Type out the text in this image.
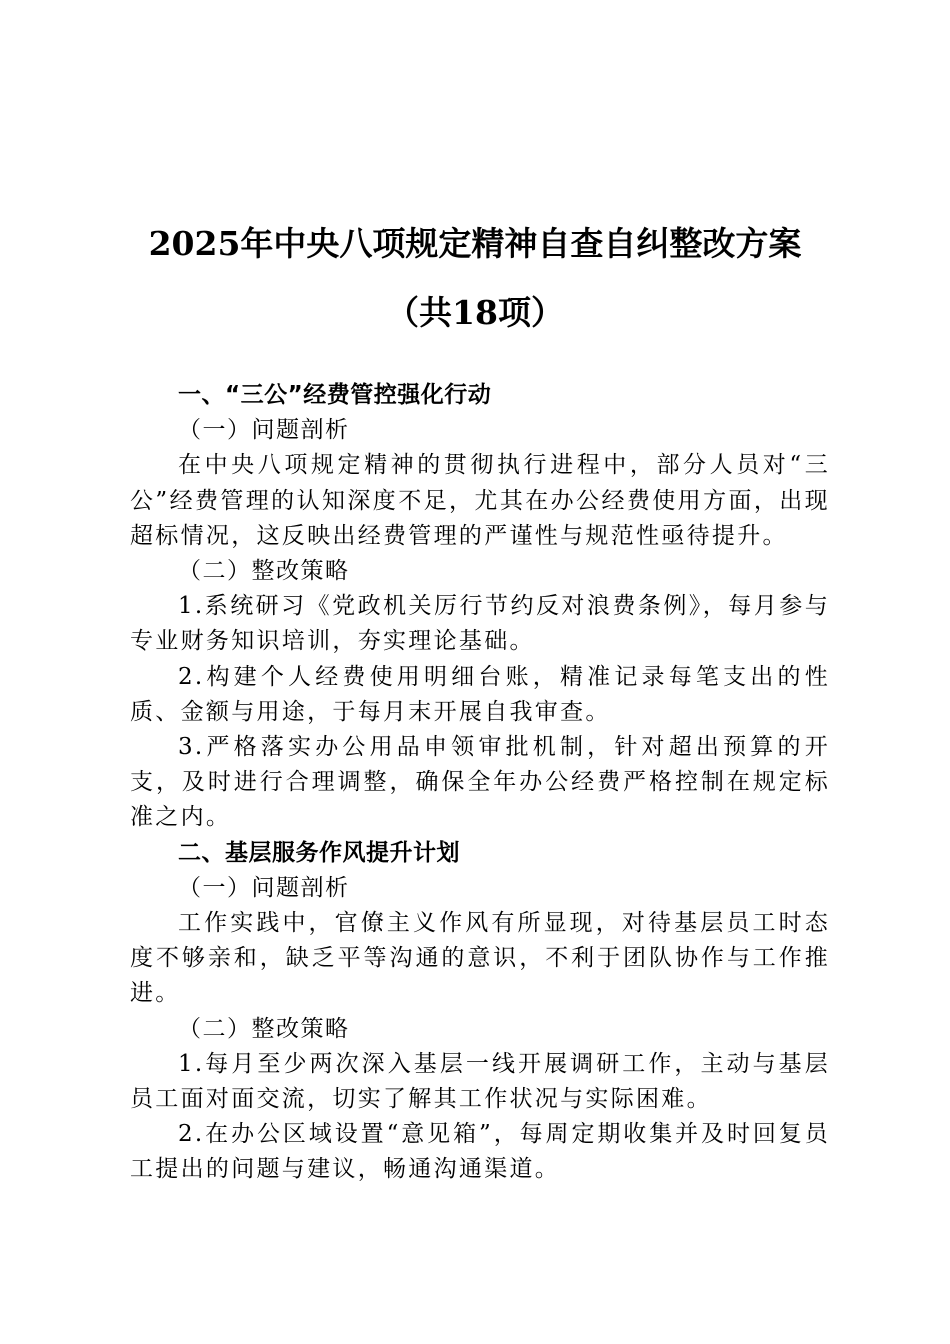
2025年中央八项规定精神自查自纠整改方案
（共18项）

一、“三公”经费管控强化行动

（一）问题剖析

在中央八项规定精神的贯彻执行进程中，部分人员对“三公”经费管理的认知深度不足，尤其在办公经费使用方面，出现超标情况，这反映出经费管理的严谨性与规范性亟待提升。

（二）整改策略

1.系统研习《党政机关厉行节约反对浪费条例》，每月参与专业财务知识培训，夯实理论基础。

2.构建个人经费使用明细台账，精准记录每笔支出的性质、金额与用途，于每月末开展自我审查。

3.严格落实办公用品申领审批机制，针对超出预算的开支，及时进行合理调整，确保全年办公经费严格控制在规定标准之内。

二、基层服务作风提升计划

（一）问题剖析

工作实践中，官僚主义作风有所显现，对待基层员工时态度不够亲和，缺乏平等沟通的意识，不利于团队协作与工作推进。

（二）整改策略

1.每月至少两次深入基层一线开展调研工作，主动与基层员工面对面交流，切实了解其工作状况与实际困难。

2.在办公区域设置“意见箱”，每周定期收集并及时回复员工提出的问题与建议，畅通沟通渠道。
